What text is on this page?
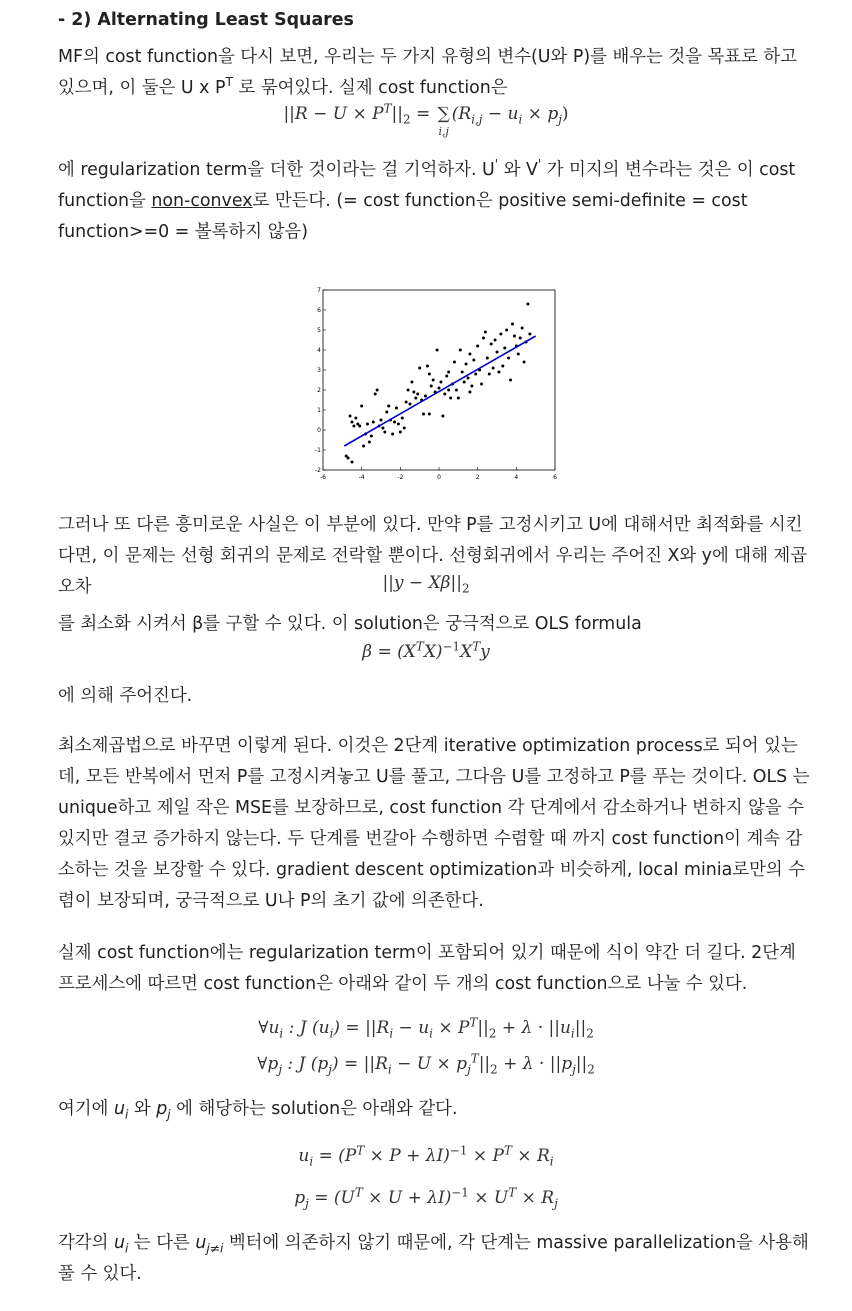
- 2) Alternating Least Squares

MF의 cost function을 다시 보면, 우리는 두 가지 유형의 변수(U와 P)를 배우는 것을 목표로 하고 있으며, 이 둘은 U x $P^T$ 로 묶여있다. 실제 cost function은

$||R - U \times P^T||_2$ = ∑
i,j
$(R_{i,j} - u_i \times p_j)$

에 regularization term을 더한 것이라는 걸 기억하자. U' 와 V' 가 미지의 변수라는 것은 이 cost function을 non-convex로 만든다. (= cost function은 positive semi-definite = cost function>=0 = 볼록하지 않음)

-6	-4	-2	0	2	4	6
-2
-1
0
1
2
3
4
5
6
7

그러나 또 다른 흥미로운 사실은 이 부분에 있다. 만약 P를 고정시키고 U에 대해서만 최적화를 시킨다면, 이 문제는 선형 회귀의 문제로 전락할 뿐이다. 선형회귀에서 우리는 주어진 X와 y에 대해 제곱오차	$||y - X\beta||_2$

를 최소화 시켜서 β를 구할 수 있다. 이 solution은 궁극적으로 OLS formula

$\beta = (X^TX)^{-1}X^Ty$

에 의해 주어진다.

최소제곱법으로 바꾸면 이렇게 된다. 이것은 2단계 iterative optimization process로 되어 있는데, 모든 반복에서 먼저 P를 고정시켜놓고 U를 풀고, 그다음 U를 고정하고 P를 푸는 것이다. OLS 는 unique하고 제일 작은 MSE를 보장하므로, cost function 각 단계에서 감소하거나 변하지 않을 수 있지만 결코 증가하지 않는다. 두 단계를 번갈아 수행하면 수렴할 때 까지 cost function이 계속 감소하는 것을 보장할 수 있다. gradient descent optimization과 비슷하게, local minia로만의 수렴이 보장되며, 궁극적으로 U나 P의 초기 값에 의존한다.

실제 cost function에는 regularization term이 포함되어 있기 때문에 식이 약간 더 길다. 2단계 프로세스에 따르면 cost function은 아래와 같이 두 개의 cost function으로 나눌 수 있다.

$\forall u_i$ : J $(u_i) = ||R_i - u_i \times P^T||_2 + \lambda \cdot ||u_i||_2$
$\forall p_j$ : J $(p_j) = ||R_i - U \times p_j^T||_2 + \lambda \cdot ||p_j||_2$

여기에 $u_i$ 와 $p_j$ 에 해당하는 solution은 아래와 같다.

$u_i = (P^T \times P + \lambda I)^{-1} \times P^T \times R_i$
$p_j = (U^T \times U + \lambda I)^{-1} \times U^T \times R_j$

각각의 $u_i$ 는 다른 $u_{j\ne i}$ 벡터에 의존하지 않기 때문에, 각 단계는 massive parallelization을 사용해 풀 수 있다.
